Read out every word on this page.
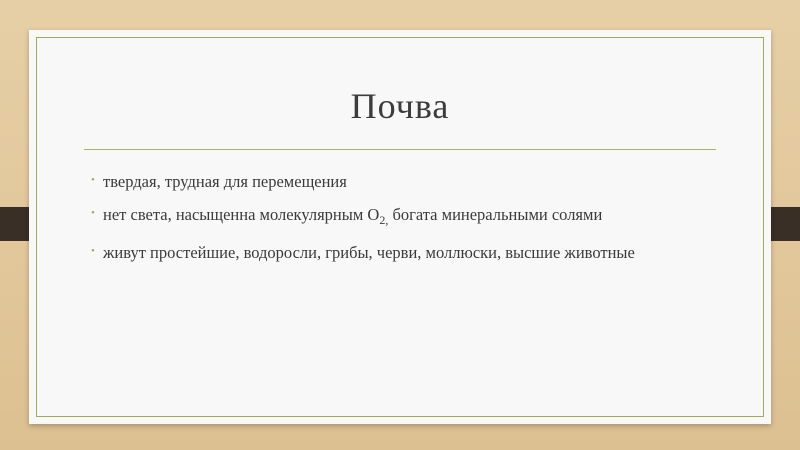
Почва
• твердая, трудная для перемещения
• нет света, насыщенна молекулярным $O_{2,}$ богата минеральными солями
• живут простейшие, водоросли, грибы, черви, моллюски, высшие животные
